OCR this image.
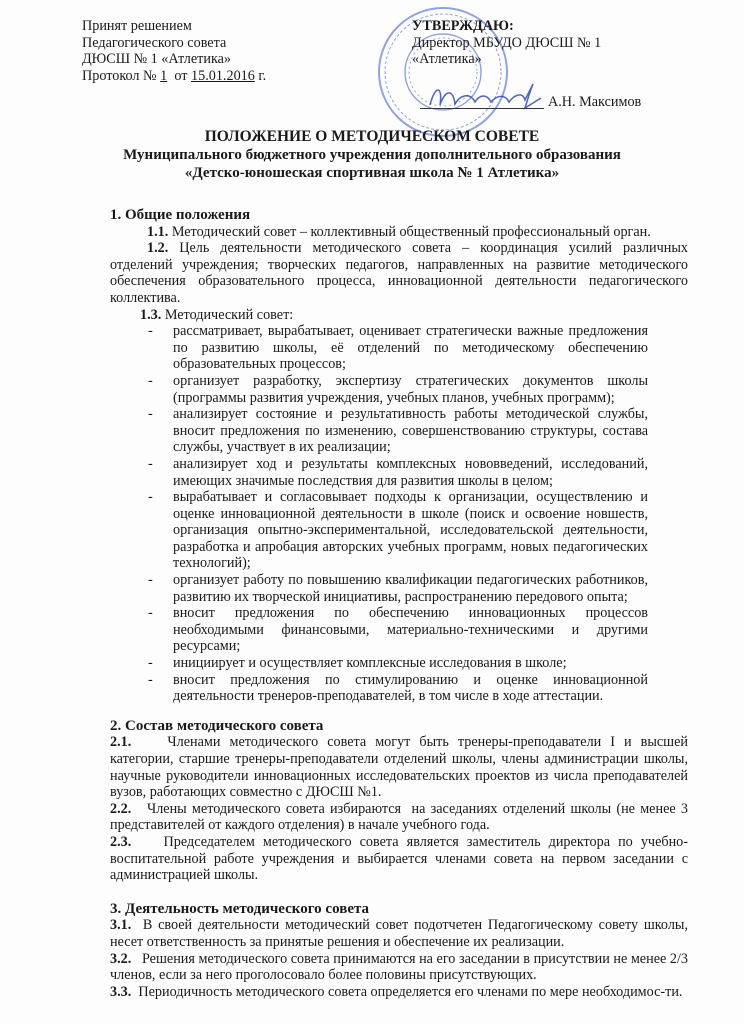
Принят решением
Педагогического совета
ДЮСШ № 1 «Атлетика»
Протокол № 1  от 15.01.2016 г.
УТВЕРЖДАЮ:
Директор МБУДО ДЮСШ № 1
«Атлетика»
А.Н. Максимов
ПОЛОЖЕНИЕ О МЕТОДИЧЕСКОМ СОВЕТЕ
Муниципального бюджетного учреждения дополнительного образования
«Детско-юношеская спортивная школа № 1 Атлетика»
1. Общие положения

1.1. Методический совет – коллективный общественный профессиональный орган.

1.2. Цель деятельности методического совета – координация усилий различных отделений учреждения; творческих педагогов, направленных на развитие методического обеспечения образовательного процесса, инновационной деятельности педагогического коллектива.

1.3. Методический совет:

- рассматривает, вырабатывает, оценивает стратегически важные предложения по развитию школы, её отделений по методическому обеспечению образовательных процессов;
- организует разработку, экспертизу стратегических документов школы (программы развития учреждения, учебных планов, учебных программ);
- анализирует состояние и результативность работы методической службы, вносит предложения по изменению, совершенствованию структуры, состава службы, участвует в их реализации;
- анализирует ход и результаты комплексных нововведений, исследований, имеющих значимые последствия для развития школы в целом;
- вырабатывает и согласовывает подходы к организации, осуществлению и оценке инновационной деятельности в школе (поиск и освоение новшеств, организация опытно-экспериментальной, исследовательской деятельности, разработка и апробация авторских учебных программ, новых педагогических технологий);
- организует работу по повышению квалификации педагогических работников, развитию их творческой инициативы, распространению передового опыта;
- вносит предложения по обеспечению инновационных процессов необходимыми финансовыми, материально-техническими и другими ресурсами;
- инициирует и осуществляет комплексные исследования в школе;
- вносит предложения по стимулированию и оценке инновационной деятельности тренеров-преподавателей, в том числе в ходе аттестации.
2. Состав методического совета

2.1.    Членами методического совета могут быть тренеры-преподаватели I и высшей категории, старшие тренеры-преподаватели отделений школы, члены администрации школы, научные руководители инновационных исследовательских проектов из числа преподавателей вузов, работающих совместно с ДЮСШ №1.

2.2.   Члены методического совета избираются  на заседаниях отделений школы (не менее 3 представителей от каждого отделения) в начале учебного года.

2.3.    Председателем методического совета является заместитель директора по учебно-воспитательной работе учреждения и выбирается членами совета на первом заседании с администрацией школы.

3. Деятельность методического совета

3.1.  В своей деятельности методический совет подотчетен Педагогическому совету школы, несет ответственность за принятые решения и обеспечение их реализации.

3.2.   Решения методического совета принимаются на его заседании в присутствии не менее 2/3 членов, если за него проголосовало более половины присутствующих.

3.3.  Периодичность методического совета определяется его членами по мере необходимос-ти.
